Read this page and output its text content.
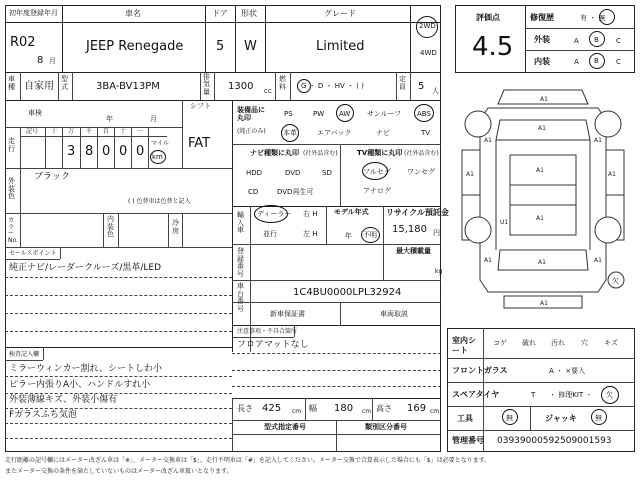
初年度登録年月
R02
8 月
車名
JEEP Renegade
ドア
5
形状
W
グレード
Limited
2WD
4WD
車種 自家用
型式	3BA-BV13PM
排気量 1300 cc
燃料 G ・ D ・ HV ・ ( )
定員 5 人
車検
年	月
シフト
FAT
記号 十 万 千 百 十 一
走行	3 8 0 0 0
マイル
km
外装色
ブラック
( ) 色替車は色替と記入
カラーNo.
内装色
冷房
セールスポイント
純正ナビ/レーダークルーズ/黒革/LED
検査記入欄
ミラーウィンカー割れ、シートしわ小
ピラー内張りA小、ハンドルすれ小
外装薄線キズ、外装小傷有
Fガラスふち気泡
装備品に丸印
(純正のみ)
PS	PW AW サンルーフ ABS
本革	エアバック	ナビ	TV
ナビ種類に丸印 (社外品含む)	TV種類に丸印 (社外品含む)
HDD	DVD	SD
CD	DVD再生可
フルセグ ワンセグ
アナログ
輸入車
ディーラー
並行
右 H
左 H
モデル年式
年 不明
リサイクル預託金
15,180 円
最大積載量
kg
登録番号
車台番号
1C4BU0000LPL32924
新車保証書	車両取説
注意事項・不具合箇所
フロアマットなし
長さ 425 cm 幅 180 cm 高さ 169 cm
型式指定番号	類別区分番号
評価点
4.5
修復歴	有 ・ 無
外装	A B C
内装	A B C
A1
A1
A1	A1
A1	A1
A1
A1
U1
A1	A1
A1
A1
欠
室内シート
コゲ 破れ 汚れ 穴 キズ
フロントガラス	A ・ ×要入
スペアタイヤ	T ・ 修理KIT ・ 欠
工具	無	ジャッキ	無
管理番号 03939000592509001593
走行距離の記号欄にはメーター改ざん車は「※」、メーター交換車は「$」、走行不明車は「#」を記入してください。メーター交換で合算表示した場合にも「$」は必要となります。
またメーター交換の条件を満たしていないものはメーター改ざん車扱いとなります。
